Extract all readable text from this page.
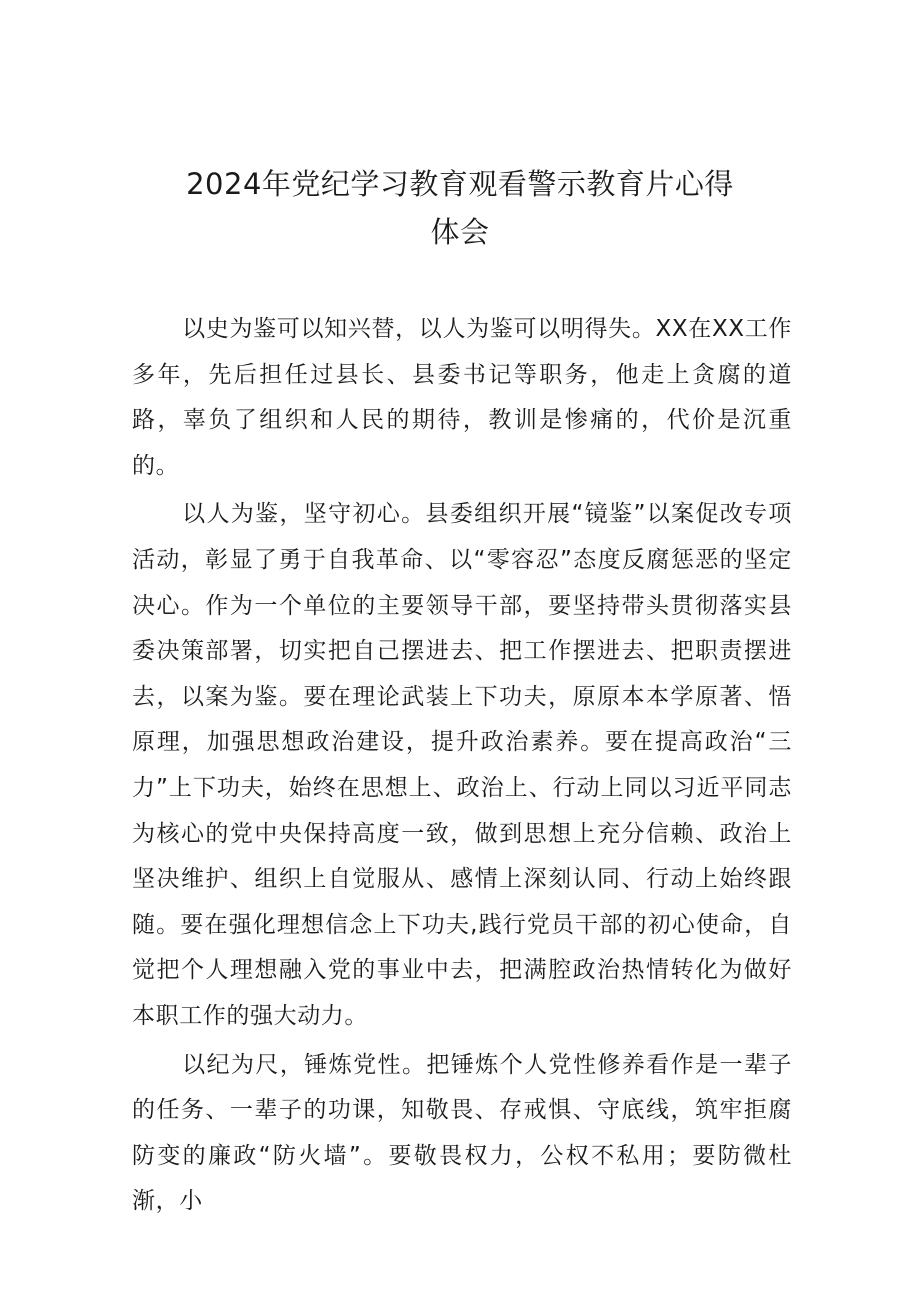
2024年党纪学习教育观看警示教育片心得
体会

以史为鉴可以知兴替，以人为鉴可以明得失。XX在XX工作多年，先后担任过县长、县委书记等职务，他走上贪腐的道路，辜负了组织和人民的期待，教训是惨痛的，代价是沉重的。

以人为鉴，坚守初心。县委组织开展“镜鉴”以案促改专项活动，彰显了勇于自我革命、以“零容忍”态度反腐惩恶的坚定决心。作为一个单位的主要领导干部，要坚持带头贯彻落实县委决策部署，切实把自己摆进去、把工作摆进去、把职责摆进去，以案为鉴。要在理论武装上下功夫，原原本本学原著、悟原理，加强思想政治建设，提升政治素养。要在提高政治“三力”上下功夫，始终在思想上、政治上、行动上同以习近平同志为核心的党中央保持高度一致，做到思想上充分信赖、政治上坚决维护、组织上自觉服从、感情上深刻认同、行动上始终跟随。要在强化理想信念上下功夫,践行党员干部的初心使命，自觉把个人理想融入党的事业中去，把满腔政治热情转化为做好本职工作的强大动力。

以纪为尺，锤炼党性。把锤炼个人党性修养看作是一辈子的任务、一辈子的功课，知敬畏、存戒惧、守底线，筑牢拒腐防变的廉政“防火墙”。要敬畏权力，公权不私用；要防微杜渐，小
